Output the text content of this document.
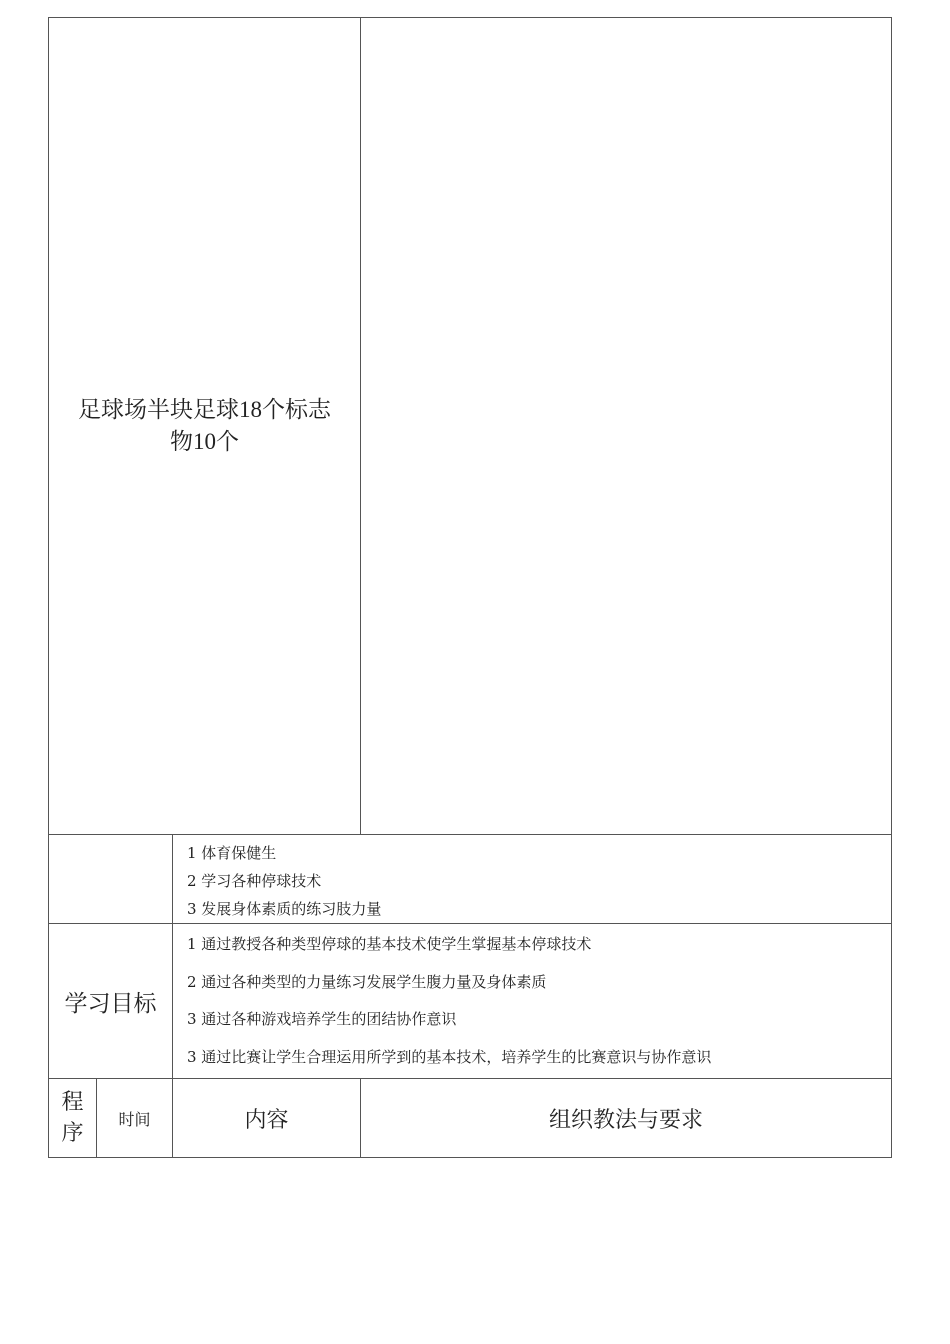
足球场半块足球18个标志
物10个			

		1 体育保健生
2 学习各种停球技术
3 发展身体素质的练习肢力量	

学习目标		1 通过教授各种类型停球的基本技术使学生掌握基本停球技术
2 通过各种类型的力量练习发展学生腹力量及身体素质
3 通过各种游戏培养学生的团结协作意识
3 通过比赛让学生合理运用所学到的基本技术，培养学生的比赛意识与协作意识	

程
序	时间	内容	组织教法与要求
